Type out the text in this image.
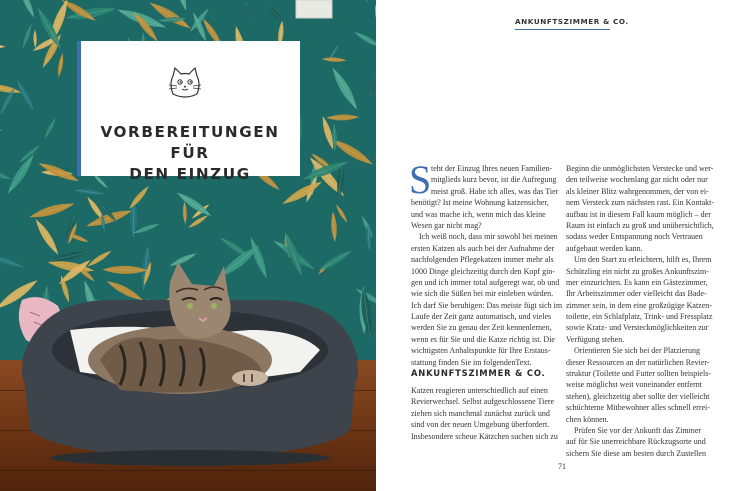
VORBEREITUNGEN FÜR
DEN EINZUG
ANKUNFTSZIMMER & CO.
S teht der Einzug Ihres neuen Familien-
mitglieds kurz bevor, ist die Aufregung
meist groß. Habe ich alles, was das Tier
benötigt? Ist meine Wohnung katzensicher,
und was mache ich, wenn mich das kleine
Wesen gar nicht mag?
Ich weiß noch, dass mir sowohl bei meinen
ersten Katzen als auch bei der Aufnahme der
nachfolgenden Pflegekatzen immer mehr als
1000 Dinge gleichzeitig durch den Kopf gin-
gen und ich immer total aufgeregt war, ob und
wie sich die Süßen bei mir einleben würden.
Ich darf Sie beruhigen: Das meiste fügt sich im
Laufe der Zeit ganz automatisch, und vieles
werden Sie zu genau der Zeit kennenlernen,
wenn es für Sie und die Katze richtig ist. Die
wichtigsten Anhaltspunkte für Ihre Erstaus-
stattung finden Sie im folgendenText.
ANKUNFTSZIMMER & CO.
Katzen reagieren unterschiedlich auf einen
Revierwechsel. Selbst aufgeschlossene Tiere
ziehen sich manchmal zunächst zurück und
sind von der neuen Umgebung überfordert.
Insbesondere scheue Kätzchen suchen sich zu
Beginn die unmöglichsten Verstecke und wer-
den teilweise wochenlang gar nicht oder nur
als kleiner Blitz wahrgenommen, der von ei-
nem Versteck zum nächsten rast. Ein Kontakt-
aufbau ist in diesem Fall kaum möglich – der
Raum ist einfach zu groß und unübersichtlich,
sodass weder Entspannung noch Vertrauen
aufgebaut werden kann.
Um den Start zu erleichtern, hilft es, Ihrem
Schützling ein nicht zu großes Ankunftszim-
mer einzurichten. Es kann ein Gästezimmer,
Ihr Arbeitszimmer oder vielleicht das Bade-
zimmer sein, in dem eine großzügige Katzen-
toilette, ein Schlafplatz, Trink- und Fressplatz
sowie Kratz- und Versteckmöglichkeiten zur
Verfügung stehen.
Orientieren Sie sich bei der Platzierung
dieser Ressourcen an der natürlichen Revier-
struktur (Toilette und Futter sollten beispiels-
weise möglichst weit voneinander entfernt
stehen), gleichzeitig aber sollte der vielleicht
schüchterne Mitbewohner alles schnell errei-
chen können.
Prüfen Sie vor der Ankunft das Zimmer
auf für Sie unerreichbare Rückzugsorte und
sichern Sie diese am besten durch Zustellen
71
